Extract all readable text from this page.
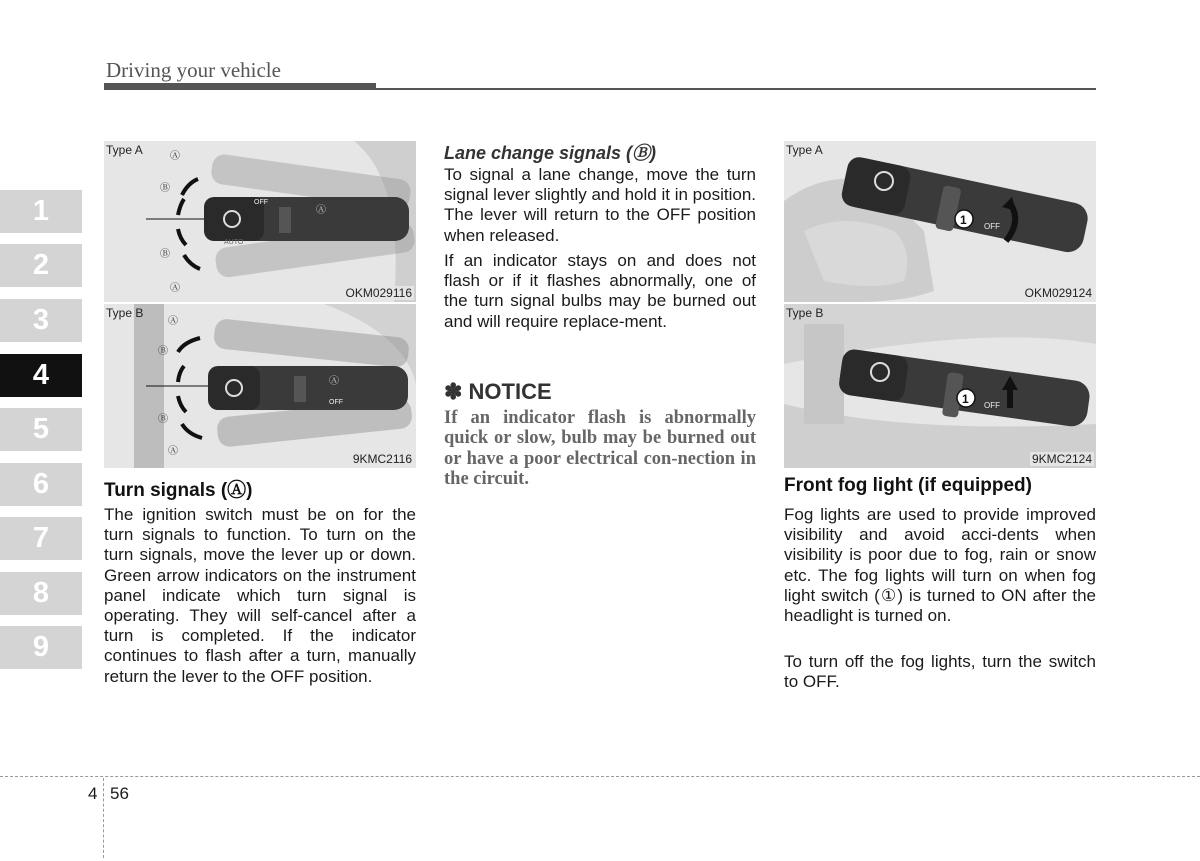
Driving your vehicle
1
2
3
4
5
6
7
8
9
Ⓐ
OFF
AUTO
Ⓐ
Ⓑ
Ⓑ
Ⓐ
Type A
OKM029116
Ⓐ
OFF
Ⓐ
Ⓑ
Ⓑ
Ⓐ
Type B
9KMC2116
Turn signals (Ⓐ)
The ignition switch must be on for the turn signals to function. To turn on the turn signals, move the lever up or down. Green arrow indicators on the instrument panel indicate which turn signal is operating. They will self-cancel after a turn is completed. If the indicator continues to flash after a turn, manually return the lever to the OFF position.
Lane change signals (Ⓑ)
To signal a lane change, move the turn signal lever slightly and hold it in position. The lever will return to the OFF position when released.
If an indicator stays on and does not flash or if it flashes abnormally, one of the turn signal bulbs may be burned out and will require replace-ment.
✽ NOTICE
If an indicator flash is abnormally quick or slow, bulb may be burned out or have a poor electrical con-nection in the circuit.
1 OFF
Type A
OKM029124
1 OFF
Type B
9KMC2124
Front fog light (if equipped)
Fog lights are used to provide improved visibility and avoid acci-dents when visibility is poor due to fog, rain or snow etc. The fog lights will turn on when fog light switch (①) is turned to ON after the headlight is turned on.
To turn off the fog lights, turn the switch to OFF.
4 56
